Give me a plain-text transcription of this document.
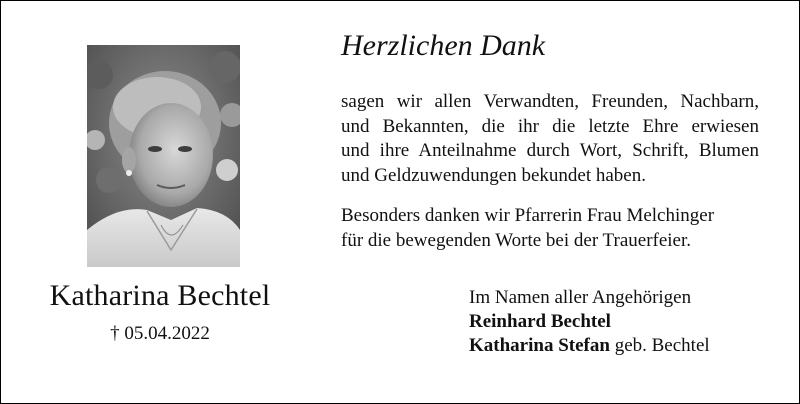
Katharina Bechtel
† 05.04.2022
Herzlichen Dank
sagen wir allen Verwandten, Freunden, Nachbarn,
und Bekannten, die ihr die letzte Ehre erwiesen
und ihre Anteilnahme durch Wort, Schrift, Blumen
und Geldzuwendungen bekundet haben.
Besonders danken wir Pfarrerin Frau Melchinger
für die bewegenden Worte bei der Trauerfeier.
Im Namen aller Angehörigen
Reinhard Bechtel
Katharina Stefan geb. Bechtel
